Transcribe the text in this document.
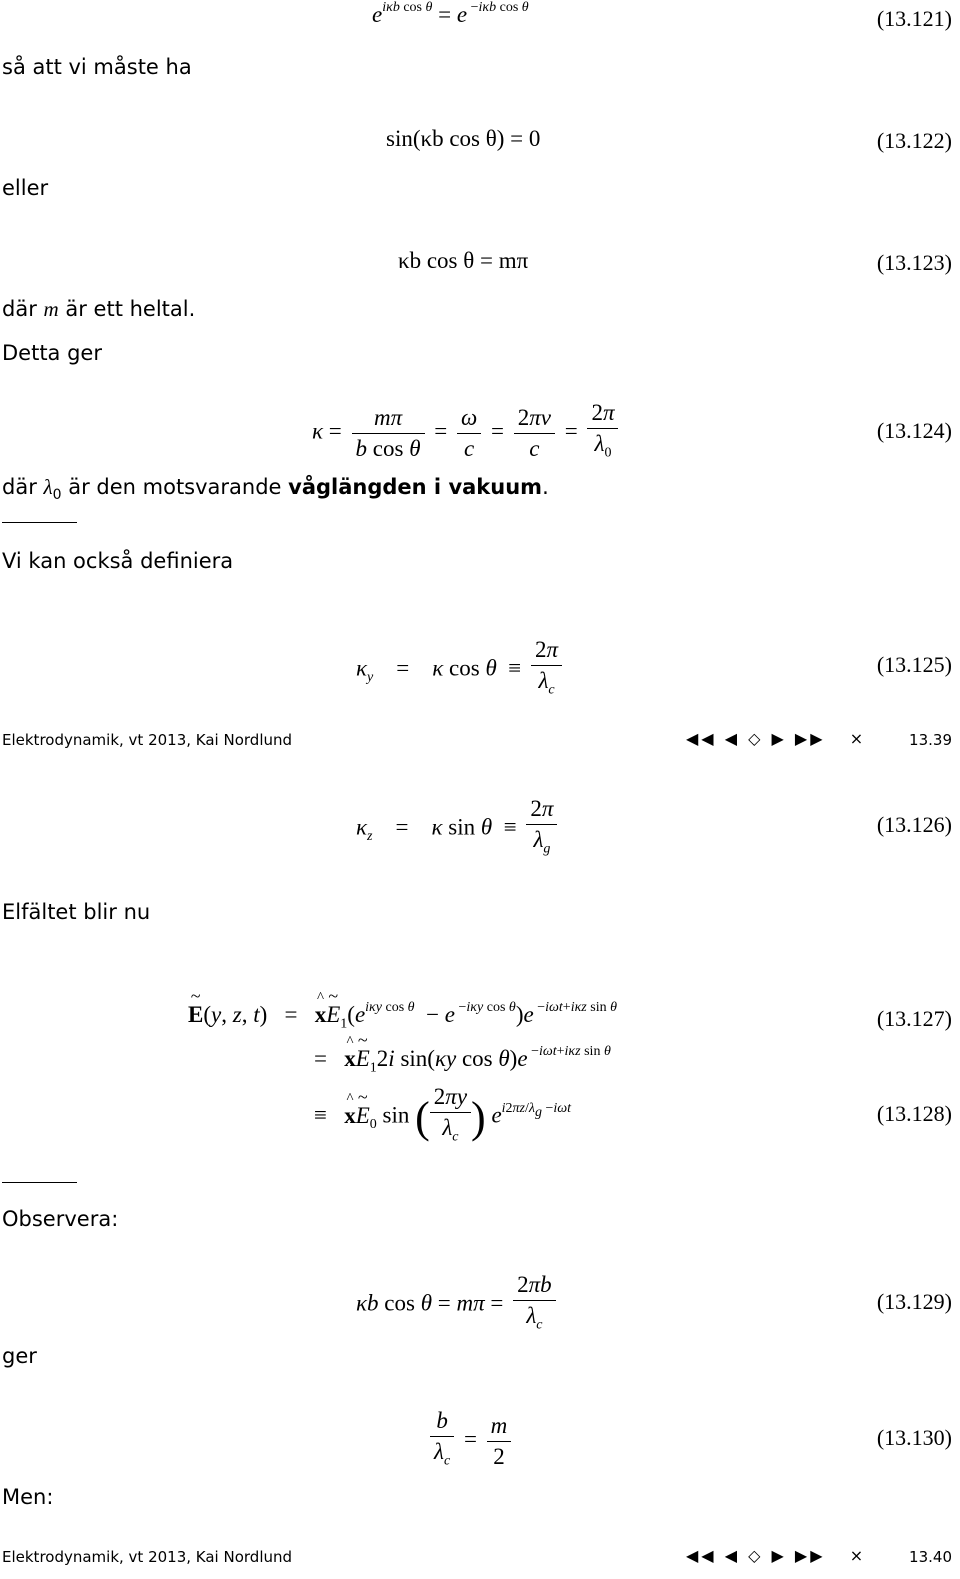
$e^{i\kappa b cos \theta} = e$ $^{-i\kappa b cos \theta}$	(13.121)
så att vi måste ha
sin(κb cos θ) = 0	(13.122)
eller
κb cos θ = mπ	(13.123)
där m är ett heltal.
Detta ger
$\kappa = \frac{m\pi}{\text{b cos θ}} = \frac{\omega}{c} = \frac{2\pi\nu}{c} = \frac{2\pi}{\lambda_0}$	(13.124)
där $\lambda_0$ är den motsvarande våglängden i vakuum.
Vi kan också definiera
$\kappa_y$    =    κ $\cos \theta \equiv \frac{2\pi}{\lambda_c}$	(13.125)
Elektrodynamik, vt 2013, Kai Nordlund	◀◀ ◀ ◇ ▶ ▶▶ ×	13.39
$\kappa_z$    =    κ $\sin \theta \equiv \frac{2\pi}{\lambda_g}$	(13.126)
Elfältet blir nu
~ E(y, z, t)   =   ^ x~ $E_1(e^{i\kappa y cos \theta} - e$ $^{-i\kappa y cos \theta}$)e $^{-i\omega t+i\kappa z sin \theta}$	(13.127)
=   ^ x~ $E_12i$ sin(κy cos θ)e $^{-i\omega t+i\kappa z sin \theta}$
≡   ^ x~ $E_0$ sin ( $\frac{2\pi y}{\lambda_c}$ ) $e^{i2\pi z/\lambda_g -i\omega t}$	(13.128)
Observera:
κb $\cos \theta = m\pi = \frac{2\pi b}{\lambda_c}$	(13.129)
ger
$\frac{b}{\lambda_c} = \frac{m}{2}$	(13.130)
Men:
Elektrodynamik, vt 2013, Kai Nordlund	◀◀ ◀ ◇ ▶ ▶▶ ×	13.40
